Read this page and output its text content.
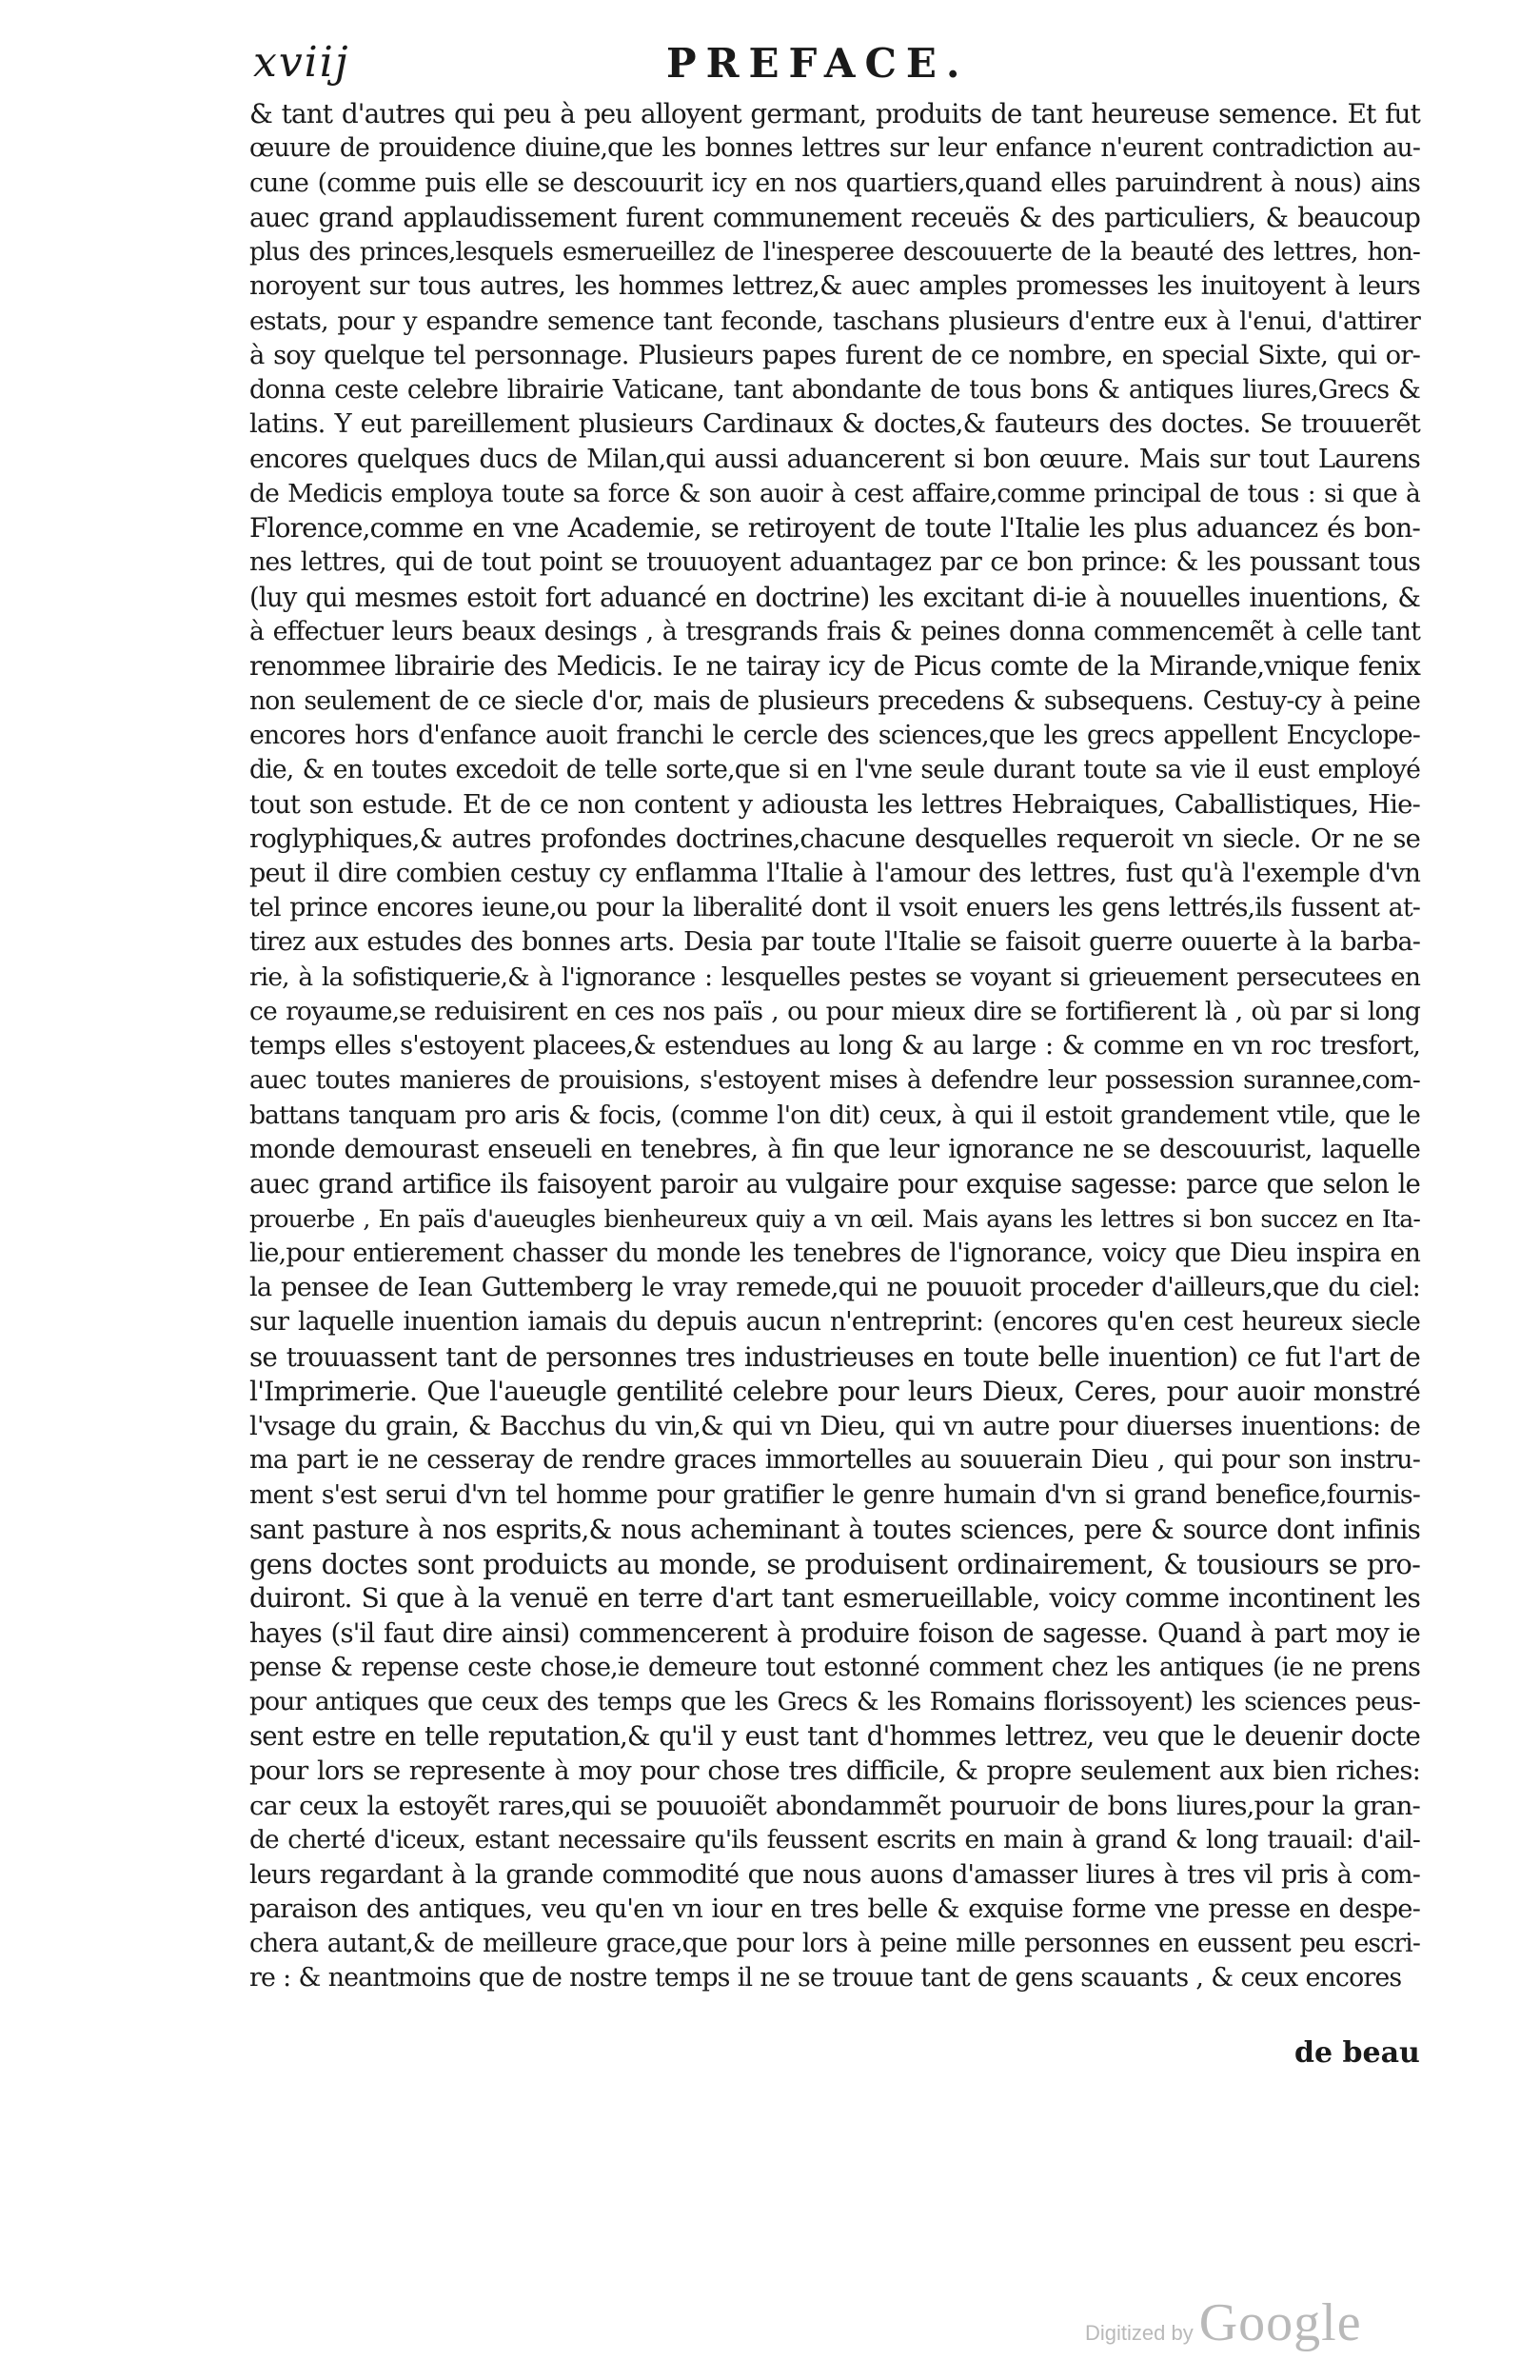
xviij	PREFACE.
& tant d'autres qui peu à peu alloyent germant, produits de tant heureuse semence. Et fut
œuure de prouidence diuine,que les bonnes lettres sur leur enfance n'eurent contradiction au-
cune (comme puis elle se descouurit icy en nos quartiers,quand elles paruindrent à nous) ains
auec grand applaudissement furent communement receuës & des particuliers, & beaucoup
plus des princes,lesquels esmerueillez de l'inesperee descouuerte de la beauté des lettres, hon-
noroyent sur tous autres, les hommes lettrez,& auec amples promesses les inuitoyent à leurs
estats, pour y espandre semence tant feconde, taschans plusieurs d'entre eux à l'enui, d'attirer
à soy quelque tel personnage. Plusieurs papes furent de ce nombre, en special Sixte, qui or-
donna ceste celebre librairie Vaticane, tant abondante de tous bons & antiques liures,Grecs &
latins. Y eut pareillement plusieurs Cardinaux & doctes,& fauteurs des doctes. Se trouuerẽt
encores quelques ducs de Milan,qui aussi aduancerent si bon œuure. Mais sur tout Laurens
de Medicis employa toute sa force & son auoir à cest affaire,comme principal de tous : si que à
Florence,comme en vne Academie, se retiroyent de toute l'Italie les plus aduancez és bon-
nes lettres, qui de tout point se trouuoyent aduantagez par ce bon prince: & les poussant tous
(luy qui mesmes estoit fort aduancé en doctrine) les excitant di-ie à nouuelles inuentions, &
à effectuer leurs beaux desings , à tresgrands frais & peines donna commencemẽt à celle tant
renommee librairie des Medicis. Ie ne tairay icy de Picus comte de la Mirande,vnique fenix
non seulement de ce siecle d'or, mais de plusieurs precedens & subsequens. Cestuy-cy à peine
encores hors d'enfance auoit franchi le cercle des sciences,que les grecs appellent Encyclope-
die, & en toutes excedoit de telle sorte,que si en l'vne seule durant toute sa vie il eust employé
tout son estude. Et de ce non content y adiousta les lettres Hebraiques, Caballistiques, Hie-
roglyphiques,& autres profondes doctrines,chacune desquelles requeroit vn siecle. Or ne se
peut il dire combien cestuy cy enflamma l'Italie à l'amour des lettres, fust qu'à l'exemple d'vn
tel prince encores ieune,ou pour la liberalité dont il vsoit enuers les gens lettrés,ils fussent at-
tirez aux estudes des bonnes arts. Desia par toute l'Italie se faisoit guerre ouuerte à la barba-
rie, à la sofistiquerie,& à l'ignorance : lesquelles pestes se voyant si grieuement persecutees en
ce royaume,se reduisirent en ces nos païs , ou pour mieux dire se fortifierent là , où par si long
temps elles s'estoyent placees,& estendues au long & au large : & comme en vn roc tresfort,
auec toutes manieres de prouisions, s'estoyent mises à defendre leur possession surannee,com-
battans tanquam pro aris & focis, (comme l'on dit) ceux, à qui il estoit grandement vtile, que le
monde demourast enseueli en tenebres, à fin que leur ignorance ne se descouurist, laquelle
auec grand artifice ils faisoyent paroir au vulgaire pour exquise sagesse: parce que selon le
prouerbe , En païs d'aueugles bienheureux quiy a vn œil. Mais ayans les lettres si bon succez en Ita-
lie,pour entierement chasser du monde les tenebres de l'ignorance, voicy que Dieu inspira en
la pensee de Iean Guttemberg le vray remede,qui ne pouuoit proceder d'ailleurs,que du ciel:
sur laquelle inuention iamais du depuis aucun n'entreprint: (encores qu'en cest heureux siecle
se trouuassent tant de personnes tres industrieuses en toute belle inuention) ce fut l'art de
l'Imprimerie. Que l'aueugle gentilité celebre pour leurs Dieux, Ceres, pour auoir monstré
l'vsage du grain, & Bacchus du vin,& qui vn Dieu, qui vn autre pour diuerses inuentions: de
ma part ie ne cesseray de rendre graces immortelles au souuerain Dieu , qui pour son instru-
ment s'est serui d'vn tel homme pour gratifier le genre humain d'vn si grand benefice,fournis-
sant pasture à nos esprits,& nous acheminant à toutes sciences, pere & source dont infinis
gens doctes sont produicts au monde, se produisent ordinairement, & tousiours se pro-
duiront. Si que à la venuë en terre d'art tant esmerueillable, voicy comme incontinent les
hayes (s'il faut dire ainsi) commencerent à produire foison de sagesse. Quand à part moy ie
pense & repense ceste chose,ie demeure tout estonné comment chez les antiques (ie ne prens
pour antiques que ceux des temps que les Grecs & les Romains florissoyent) les sciences peus-
sent estre en telle reputation,& qu'il y eust tant d'hommes lettrez, veu que le deuenir docte
pour lors se represente à moy pour chose tres difficile, & propre seulement aux bien riches:
car ceux la estoyẽt rares,qui se pouuoiẽt abondammẽt pouruoir de bons liures,pour la gran-
de cherté d'iceux, estant necessaire qu'ils feussent escrits en main à grand & long trauail: d'ail-
leurs regardant à la grande commodité que nous auons d'amasser liures à tres vil pris à com-
paraison des antiques, veu qu'en vn iour en tres belle & exquise forme vne presse en despe-
chera autant,& de meilleure grace,que pour lors à peine mille personnes en eussent peu escri-
re : & neantmoins que de nostre temps il ne se trouue tant de gens scauants , & ceux encores
de beau
Digitized by Google
